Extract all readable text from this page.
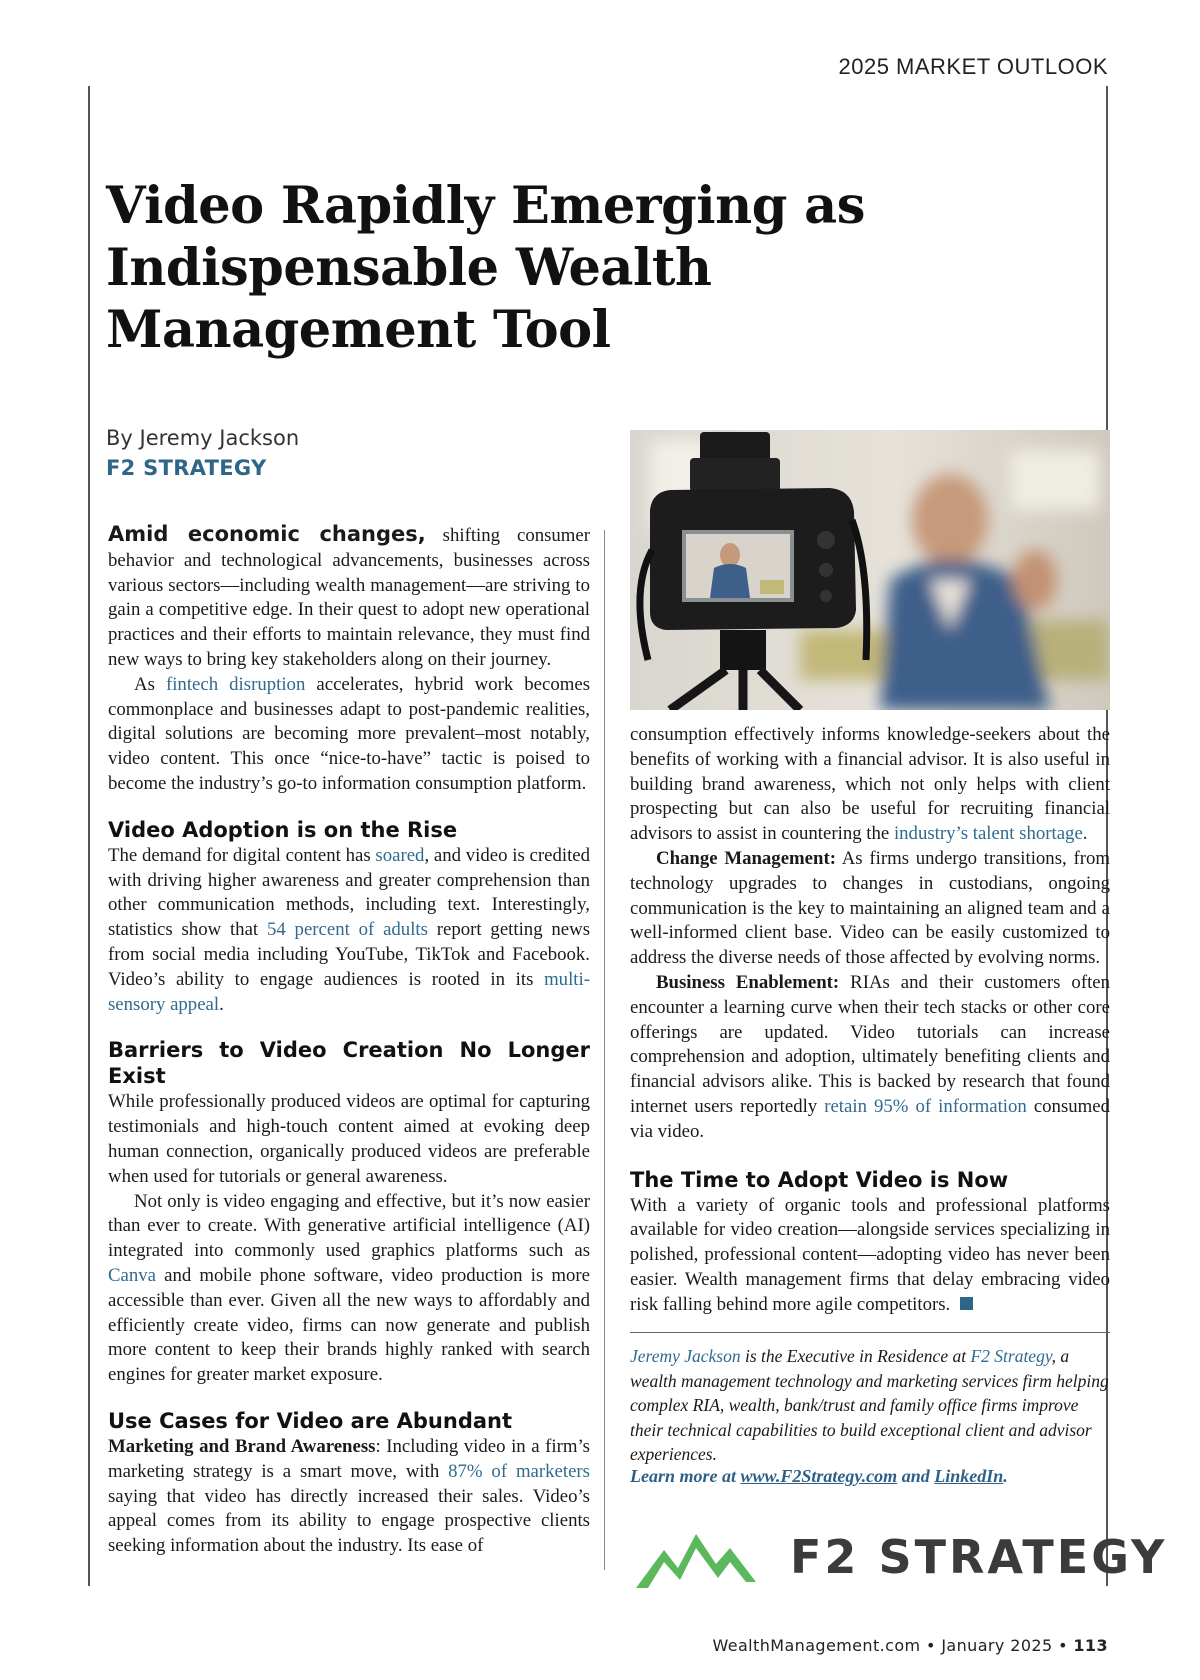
2025 MARKET OUTLOOK
Video Rapidly Emerging as Indispensable Wealth Management Tool
By Jeremy Jackson
F2 STRATEGY

Amid economic changes, shifting consumer behavior and technological advancements, businesses across various sectors—including wealth management—are striving to gain a competitive edge. In their quest to adopt new operational practices and their efforts to maintain relevance, they must find new ways to bring key stakeholders along on their journey.

As fintech disruption accelerates, hybrid work becomes commonplace and businesses adapt to post-pandemic realities, digital solutions are becoming more prevalent–most notably, video content. This once “nice-to-have” tactic is poised to become the industry’s go-to information consumption platform.

Video Adoption is on the Rise

The demand for digital content has soared, and video is credited with driving higher awareness and greater comprehension than other communication methods, including text. Interestingly, statistics show that 54 percent of adults report getting news from social media including YouTube, TikTok and Facebook. Video’s ability to engage audiences is rooted in its multi-sensory appeal.

Barriers to Video Creation No Longer Exist

While professionally produced videos are optimal for capturing testimonials and high-touch content aimed at evoking deep human connection, organically produced videos are preferable when used for tutorials or general awareness.

Not only is video engaging and effective, but it’s now easier than ever to create. With generative artificial intelligence (AI) integrated into commonly used graphics platforms such as Canva and mobile phone software, video production is more accessible than ever. Given all the new ways to affordably and efficiently create video, firms can now generate and publish more content to keep their brands highly ranked with search engines for greater market exposure.

Use Cases for Video are Abundant

Marketing and Brand Awareness: Including video in a firm’s marketing strategy is a smart move, with 87% of marketers saying that video has directly increased their sales. Video’s appeal comes from its ability to engage prospective clients seeking information about the industry. Its ease of

consumption effectively informs knowledge-seekers about the benefits of working with a financial advisor. It is also useful in building brand awareness, which not only helps with client prospecting but can also be useful for recruiting financial advisors to assist in countering the industry’s talent shortage.

Change Management: As firms undergo transitions, from technology upgrades to changes in custodians, ongoing communication is the key to maintaining an aligned team and a well-informed client base. Video can be easily customized to address the diverse needs of those affected by evolving norms.

Business Enablement: RIAs and their customers often encounter a learning curve when their tech stacks or other core offerings are updated. Video tutorials can increase comprehension and adoption, ultimately benefiting clients and financial advisors alike. This is backed by research that found internet users reportedly retain 95% of information consumed via video.

The Time to Adopt Video is Now

With a variety of organic tools and professional platforms available for video creation—alongside services specializing in polished, professional content—adopting video has never been easier. Wealth management firms that delay embracing video risk falling behind more agile competitors.

Jeremy Jackson is the Executive in Residence at F2 Strategy, a wealth management technology and marketing services firm helping complex RIA, wealth, bank/trust and family office firms improve their technical capabilities to build exceptional client and advisor experiences.

Learn more at www.F2Strategy.com and LinkedIn.
F2 STRATEGY
WealthManagement.com • January 2025 • 113
